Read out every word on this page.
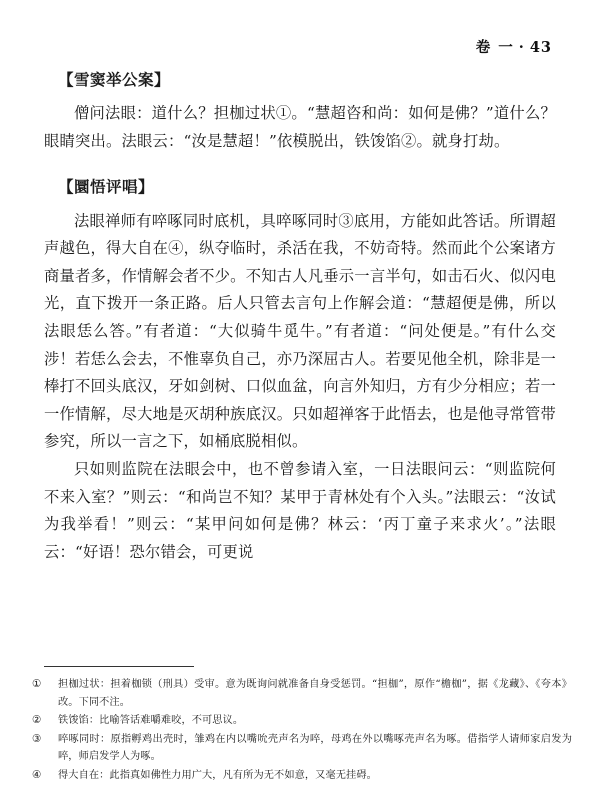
卷 一 · 43
【雪窦举公案】

僧问法眼：道什么？担枷过状①。“慧超咨和尚：如何是佛？”道什么？眼睛突出。法眼云：“汝是慧超！”依模脱出，铁馂馅②。就身打劫。

【圜悟评唱】

法眼禅师有啐啄同时底机，具啐啄同时③底用，方能如此答话。所谓超声越色，得大自在④，纵夺临时，杀活在我，不妨奇特。然而此个公案诸方商量者多，作情解会者不少。不知古人凡垂示一言半句，如击石火、似闪电光，直下拨开一条正路。后人只管去言句上作解会道：“慧超便是佛，所以法眼恁么答。”有者道：“大似骑牛觅牛。”有者道：“问处便是。”有什么交涉！若恁么会去，不惟辜负自己，亦乃深屈古人。若要见他全机，除非是一棒打不回头底汉，牙如剑树、口似血盆，向言外知归，方有少分相应；若一一作情解，尽大地是灭胡种族底汉。只如超禅客于此悟去，也是他寻常管带参究，所以一言之下，如桶底脱相似。

只如则监院在法眼会中，也不曾参请入室，一日法眼问云：“则监院何不来入室？”则云：“和尚岂不知？某甲于青林处有个入头。”法眼云：“汝试为我举看！”则云：“某甲问如何是佛？林云：‘丙丁童子来求火’。”法眼云：“好语！恐尔错会，可更说

①	担枷过状：担着枷锁（刑具）受审。意为既询问就准备自身受惩罚。“担枷”，原作“檐枷”，据《龙藏》、《夸本》改。下同不注。
②	铁馂馅：比喻答话难嚼难咬，不可思议。
③	啐啄同时：原指孵鸡出壳时，雏鸡在内以嘴吮壳声名为啐，母鸡在外以嘴啄壳声名为啄。借指学人请师家启发为啐，师启发学人为啄。
④	得大自在：此指真如佛性力用广大，凡有所为无不如意，又毫无挂碍。
